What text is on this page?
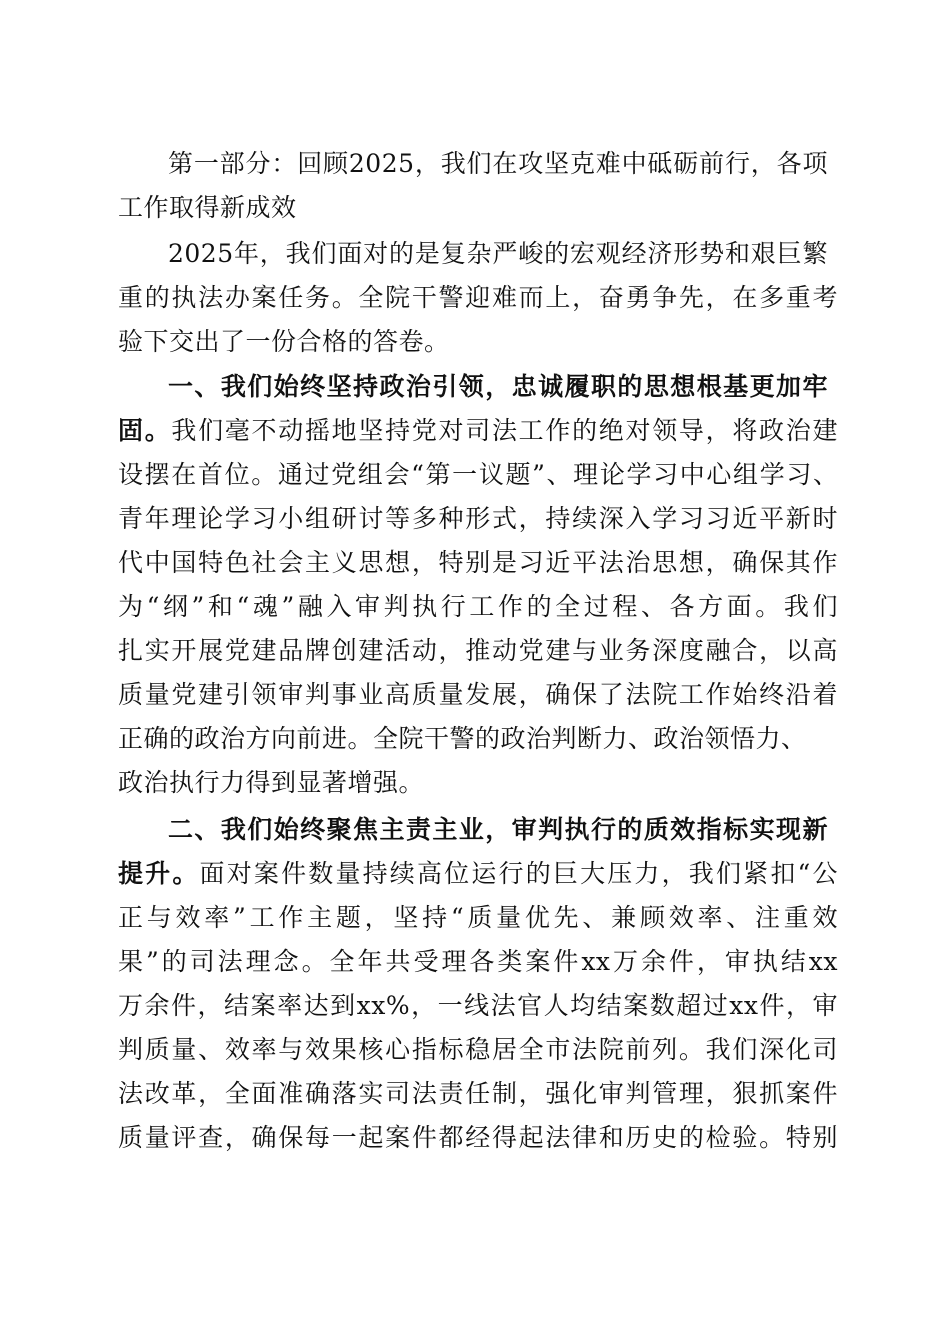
第一部分：回顾2025，我们在攻坚克难中砥砺前行，各项
工作取得新成效
2025年，我们面对的是复杂严峻的宏观经济形势和艰巨繁
重的执法办案任务。全院干警迎难而上，奋勇争先，在多重考
验下交出了一份合格的答卷。
一、我们始终坚持政治引领，忠诚履职的思想根基更加牢
固。我们毫不动摇地坚持党对司法工作的绝对领导，将政治建
设摆在首位。通过党组会“第一议题”、理论学习中心组学习、
青年理论学习小组研讨等多种形式，持续深入学习习近平新时
代中国特色社会主义思想，特别是习近平法治思想，确保其作
为“纲”和“魂”融入审判执行工作的全过程、各方面。我们
扎实开展党建品牌创建活动，推动党建与业务深度融合，以高
质量党建引领审判事业高质量发展，确保了法院工作始终沿着
正确的政治方向前进。全院干警的政治判断力、政治领悟力、
政治执行力得到显著增强。
二、我们始终聚焦主责主业，审判执行的质效指标实现新
提升。面对案件数量持续高位运行的巨大压力，我们紧扣“公
正与效率”工作主题，坚持“质量优先、兼顾效率、注重效
果”的司法理念。全年共受理各类案件xx万余件，审执结xx
万余件，结案率达到xx%，一线法官人均结案数超过xx件，审
判质量、效率与效果核心指标稳居全市法院前列。我们深化司
法改革，全面准确落实司法责任制，强化审判管理，狠抓案件
质量评查，确保每一起案件都经得起法律和历史的检验。特别
